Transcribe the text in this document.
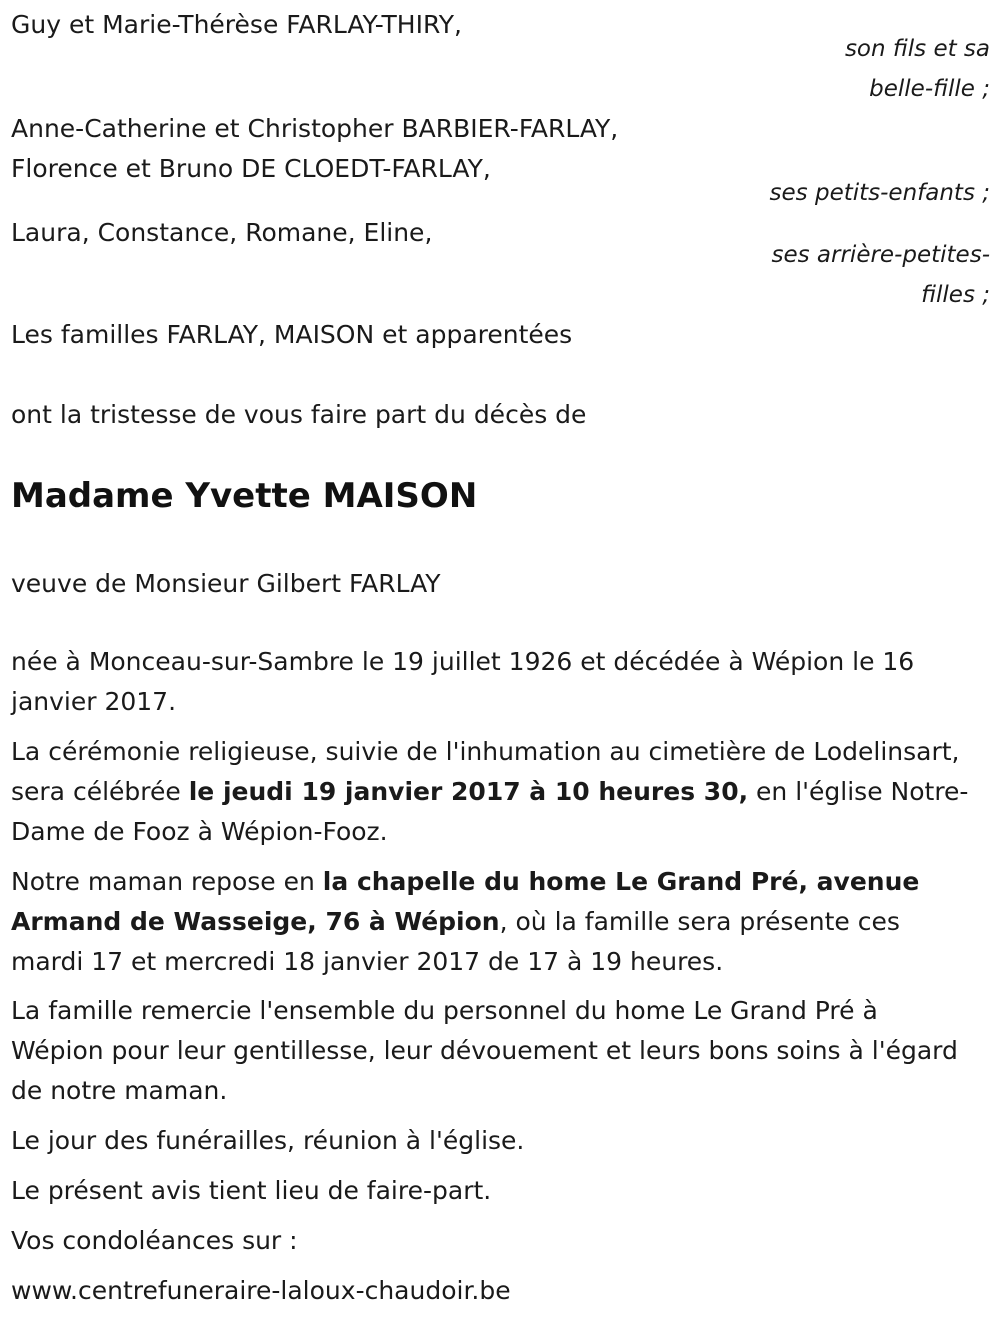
Guy et Marie-Thérèse FARLAY-THIRY,

son fils et sa

belle-fille ;

Anne-Catherine et Christopher BARBIER-FARLAY,

Florence et Bruno DE CLOEDT-FARLAY,

ses petits-enfants ;

Laura, Constance, Romane, Eline,

ses arrière-petites-

filles ;

Les familles FARLAY, MAISON et apparentées

ont la tristesse de vous faire part du décès de

Madame Yvette MAISON

veuve de Monsieur Gilbert FARLAY

née à Monceau-sur-Sambre le 19 juillet 1926 et décédée à Wépion le 16 janvier 2017.

La cérémonie religieuse, suivie de l'inhumation au cimetière de Lodelinsart, sera célébrée le jeudi 19 janvier 2017 à 10 heures 30, en l'église Notre-Dame de Fooz à Wépion-Fooz.

Notre maman repose en la chapelle du home Le Grand Pré, avenue Armand de Wasseige, 76 à Wépion, où la famille sera présente ces mardi 17 et mercredi 18 janvier 2017 de 17 à 19 heures.

La famille remercie l'ensemble du personnel du home Le Grand Pré à Wépion pour leur gentillesse, leur dévouement et leurs bons soins à l'égard de notre maman.

Le jour des funérailles, réunion à l'église.

Le présent avis tient lieu de faire-part.

Vos condoléances sur :

www.centrefuneraire-laloux-chaudoir.be
